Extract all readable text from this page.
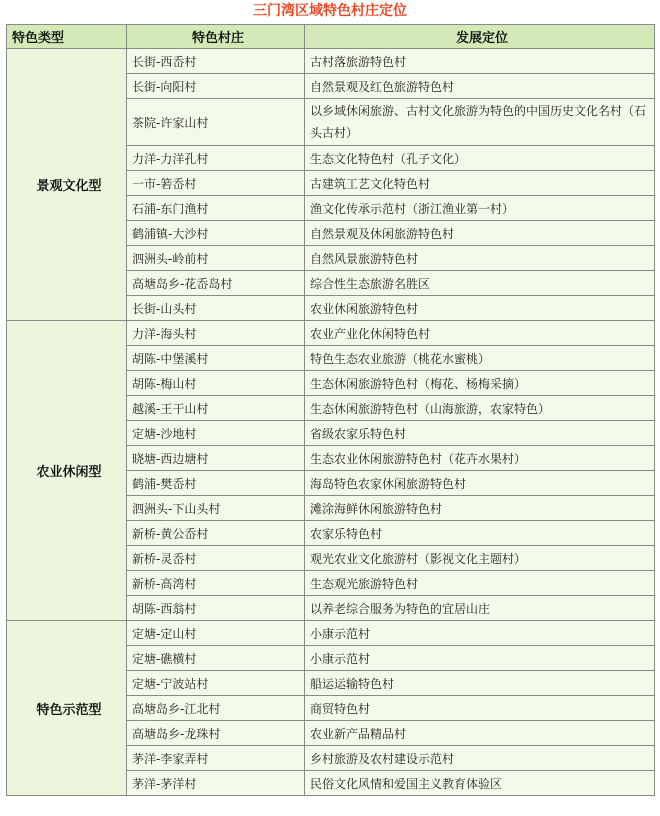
三门湾区域特色村庄定位
特色类型	特色村庄	发展定位
景观文化型	长街-西岙村	古村落旅游特色村
	长街-向阳村	自然景观及红色旅游特色村
	茶院-许家山村	以乡域休闲旅游、古村文化旅游为特色的中国历史文化名村（石头古村）
	力洋-力洋孔村	生态文化特色村（孔子文化）
	一市-箬岙村	古建筑工艺文化特色村
	石浦-东门渔村	渔文化传承示范村（浙江渔业第一村）
	鹤浦镇-大沙村	自然景观及休闲旅游特色村
	泗洲头-岭前村	自然风景旅游特色村
	高塘岛乡-花岙岛村	综合性生态旅游名胜区
	长街-山头村	农业休闲旅游特色村
农业休闲型	力洋-海头村	农业产业化休闲特色村
	胡陈-中堡溪村	特色生态农业旅游（桃花水蜜桃）
	胡陈-梅山村	生态休闲旅游特色村（梅花、杨梅采摘）
	越溪-王干山村	生态休闲旅游特色村（山海旅游，农家特色）
	定塘-沙地村	省级农家乐特色村
	晓塘-西边塘村	生态农业休闲旅游特色村（花卉水果村）
	鹤浦-樊岙村	海岛特色农家休闲旅游特色村
	泗洲头-下山头村	滩涂海鲜休闲旅游特色村
	新桥-黄公岙村	农家乐特色村
	新桥-灵岙村	观光农业文化旅游村（影视文化主题村）
	新桥-高湾村	生态观光旅游特色村
	胡陈-西翁村	以养老综合服务为特色的宜居山庄
特色示范型	定塘-定山村	小康示范村
	定塘-礁横村	小康示范村
	定塘-宁波站村	船运运输特色村
	高塘岛乡-江北村	商贸特色村
	高塘岛乡-龙珠村	农业新产品精品村
	茅洋-李家弄村	乡村旅游及农村建设示范村
	茅洋-茅洋村	民俗文化风情和爱国主义教育体验区
